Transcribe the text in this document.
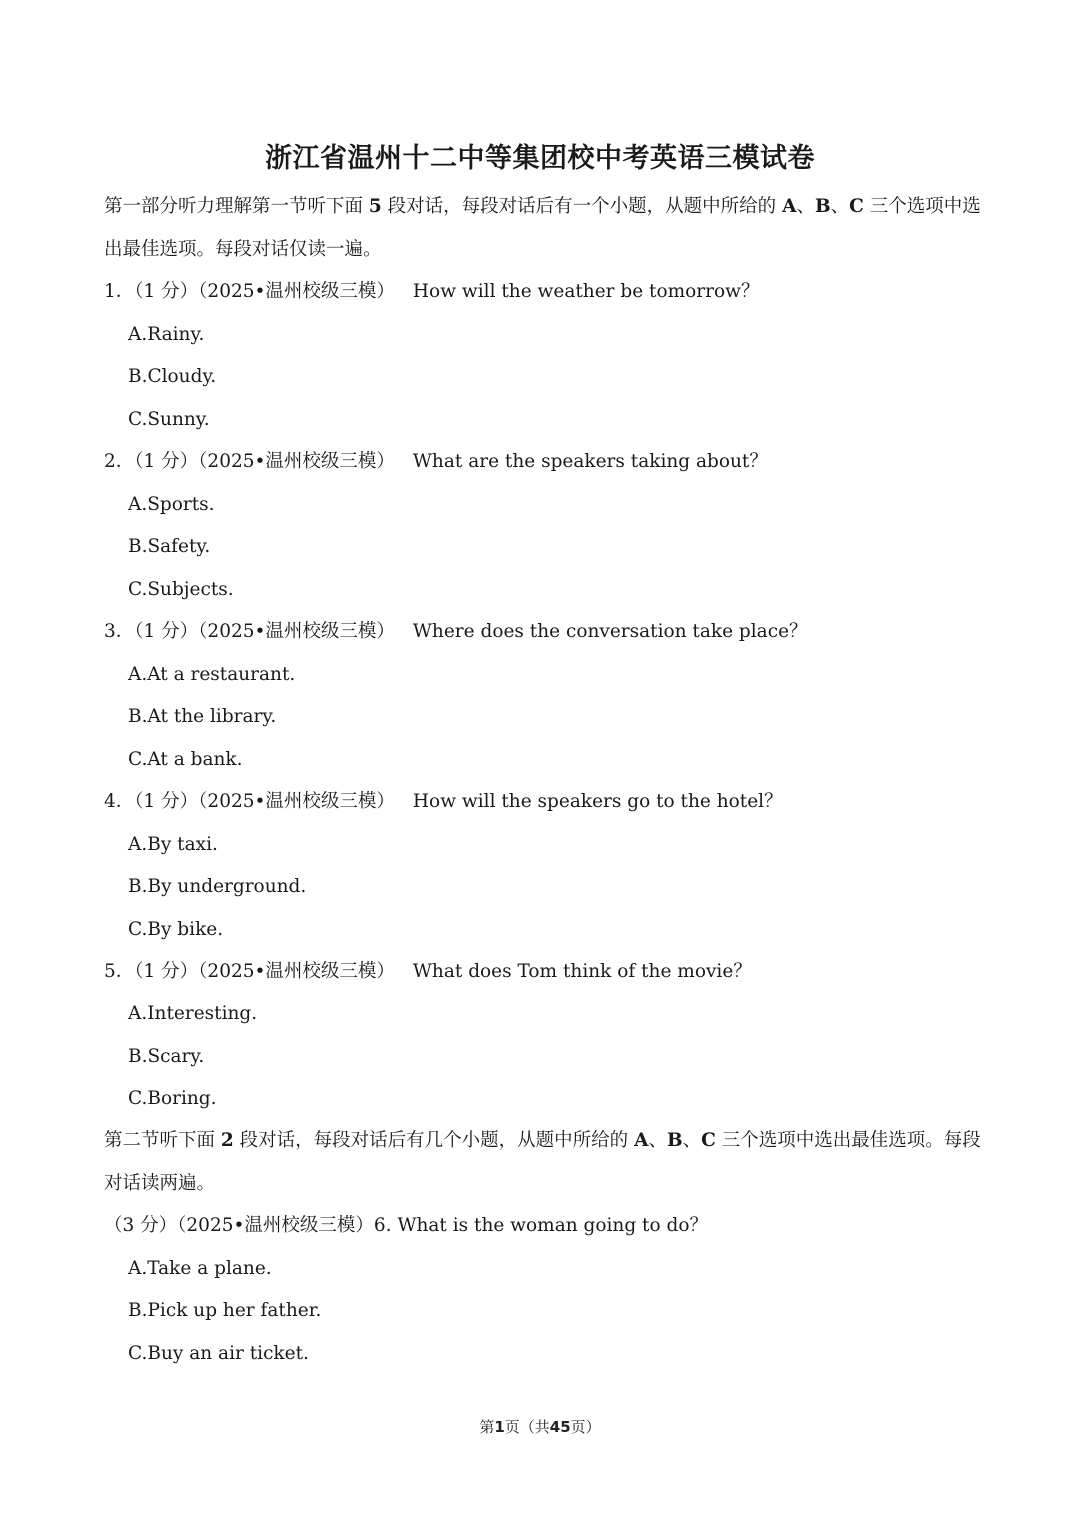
浙江省温州十二中等集团校中考英语三模试卷
第一部分听力理解第一节听下面 5 段对话，每段对话后有一个小题，从题中所给的 A、B、C 三个选项中选出最佳选项。每段对话仅读一遍。
1．（1 分）（2025•温州校级三模） How will the weather be tomorrow？
A.Rainy.
B.Cloudy.
C.Sunny.
2．（1 分）（2025•温州校级三模） What are the speakers taking about？
A.Sports.
B.Safety.
C.Subjects.
3．（1 分）（2025•温州校级三模） Where does the conversation take place？
A.At a restaurant.
B.At the library.
C.At a bank.
4．（1 分）（2025•温州校级三模） How will the speakers go to the hotel？
A.By taxi.
B.By underground.
C.By bike.
5．（1 分）（2025•温州校级三模） What does Tom think of the movie？
A.Interesting.
B.Scary.
C.Boring.
第二节听下面 2 段对话，每段对话后有几个小题，从题中所给的 A、B、C 三个选项中选出最佳选项。每段对话读两遍。
（3 分）（2025•温州校级三模）6. What is the woman going to do？
A.Take a plane.
B.Pick up her father.
C.Buy an air ticket.
第1页（共45页）
